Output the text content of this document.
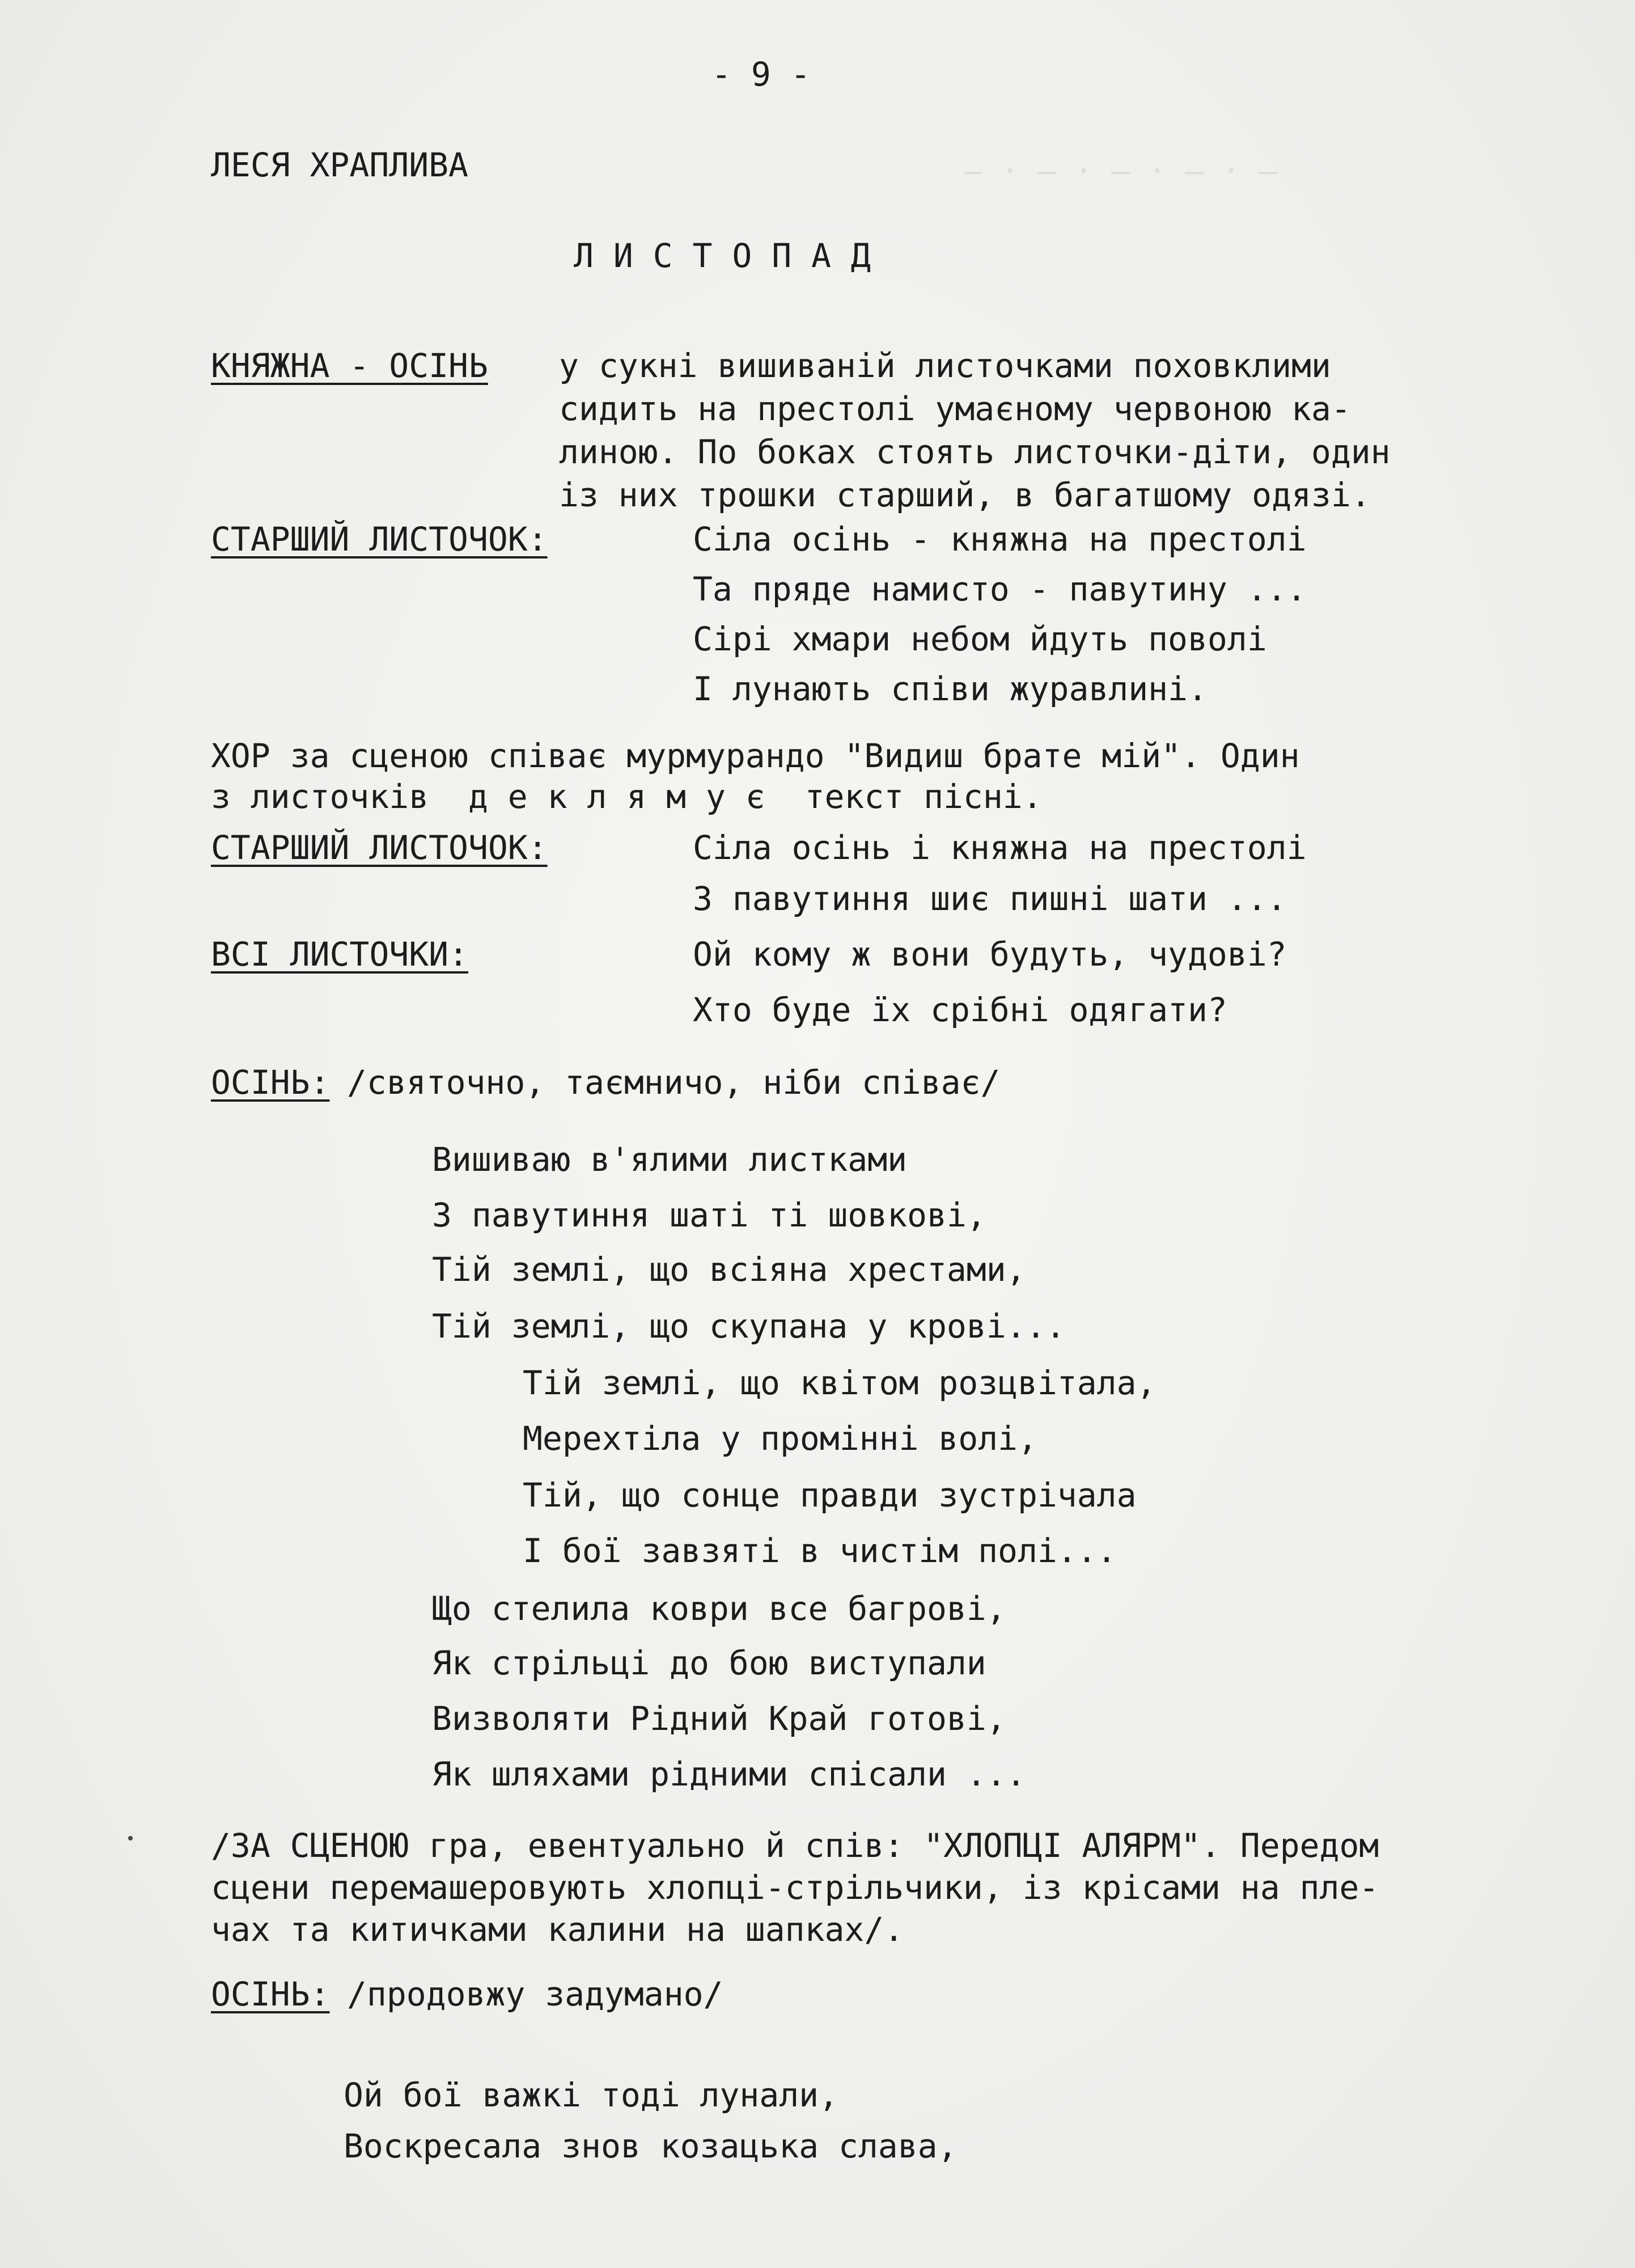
— · — · — · — · —
- 9 -
ЛЕСЯ ХРАПЛИВА
Л И С Т О П А Д
КНЯЖНА - ОСІНЬ у сукні вишиваній листочками поховклими
сидить на престолі умаєному червоною ка-
линою. По боках стоять листочки-діти, один
із них трошки старший, в багатшому одязі.
СТАРШИЙ ЛИСТОЧОК:	Сіла осінь - княжна на престолі
Та пряде намисто - павутину ...
Сірі хмари небом йдуть поволі
І лунають співи журавлині.
ХОР за сценою співає мурмурандо "Видиш брате мій". Один
з листочків  д е к л я м у є  текст пісні.
СТАРШИЙ ЛИСТОЧОК:	Сіла осінь і княжна на престолі
З павутиння шиє пишні шати ...
ВСІ ЛИСТОЧКИ:	Ой кому ж вони будуть, чудові?
Хто буде їх срібні одягати?
ОСІНЬ: /святочно, таємничо, ніби співає/
Вишиваю в'ялими листками
З павутиння шаті ті шовкові,
Тій землі, що всіяна хрестами,
Тій землі, що скупана у крові...
Тій землі, що квітом розцвітала,
Мерехтіла у промінні волі,
Тій, що сонце правди зустрічала
І бої завзяті в чистім полі...
Що стелила коври все багрові,
Як стрільці до бою виступали
Визволяти Рідний Край готові,
Як шляхами рідними спісали ...
/ЗА СЦЕНОЮ гра, евентуально й спів: "ХЛОПЦІ АЛЯРМ". Передом
сцени перемашеровують хлопці-стрільчики, із крісами на пле-
чах та китичками калини на шапках/.
ОСІНЬ: /продовжу задумано/
Ой бої важкі тоді лунали,
Воскресала знов козацька слава,
